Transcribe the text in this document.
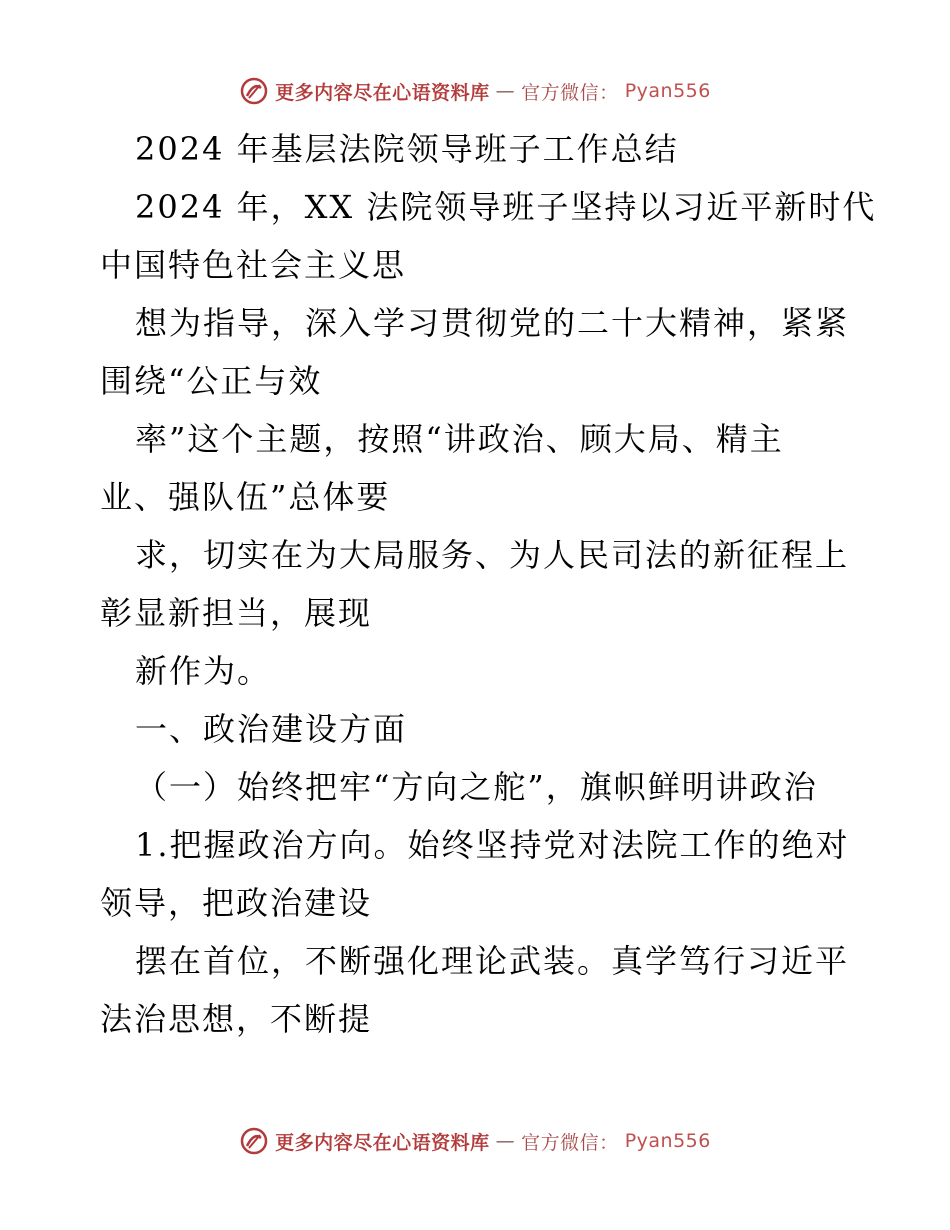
更多内容尽在心语资料库 — 官方微信： Pyan556
2024 年基层法院领导班子工作总结
2024 年，XX 法院领导班子坚持以习近平新时代
中国特色社会主义思
想为指导，深入学习贯彻党的二十大精神，紧紧
围绕“公正与效
率”这个主题，按照“讲政治、顾大局、精主
业、强队伍”总体要
求，切实在为大局服务、为人民司法的新征程上
彰显新担当，展现
新作为。
一、政治建设方面
（一）始终把牢“方向之舵”，旗帜鲜明讲政治
1.把握政治方向。始终坚持党对法院工作的绝对
领导，把政治建设
摆在首位，不断强化理论武装。真学笃行习近平
法治思想，不断提
更多内容尽在心语资料库 — 官方微信： Pyan556
